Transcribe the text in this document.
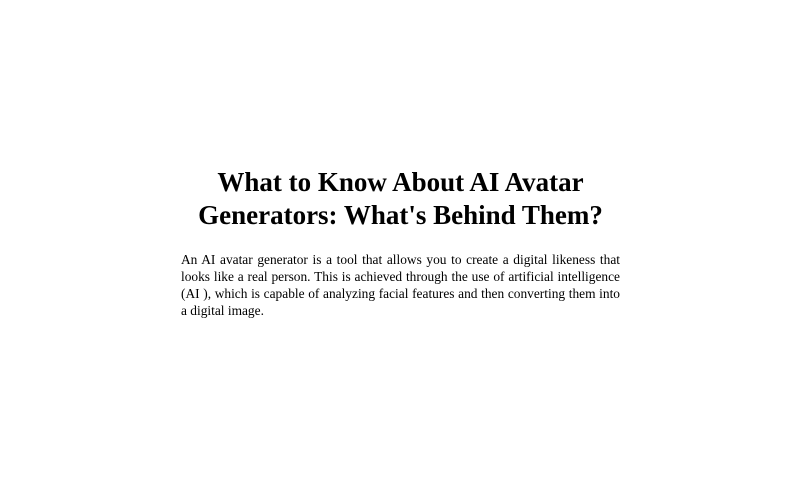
What to Know About AI Avatar Generators: What's Behind Them?

An AI avatar generator is a tool that allows you to create a digital likeness that looks like a real person. This is achieved through the use of artificial intelligence (AI ), which is capable of analyzing facial features and then converting them into a digital image.
